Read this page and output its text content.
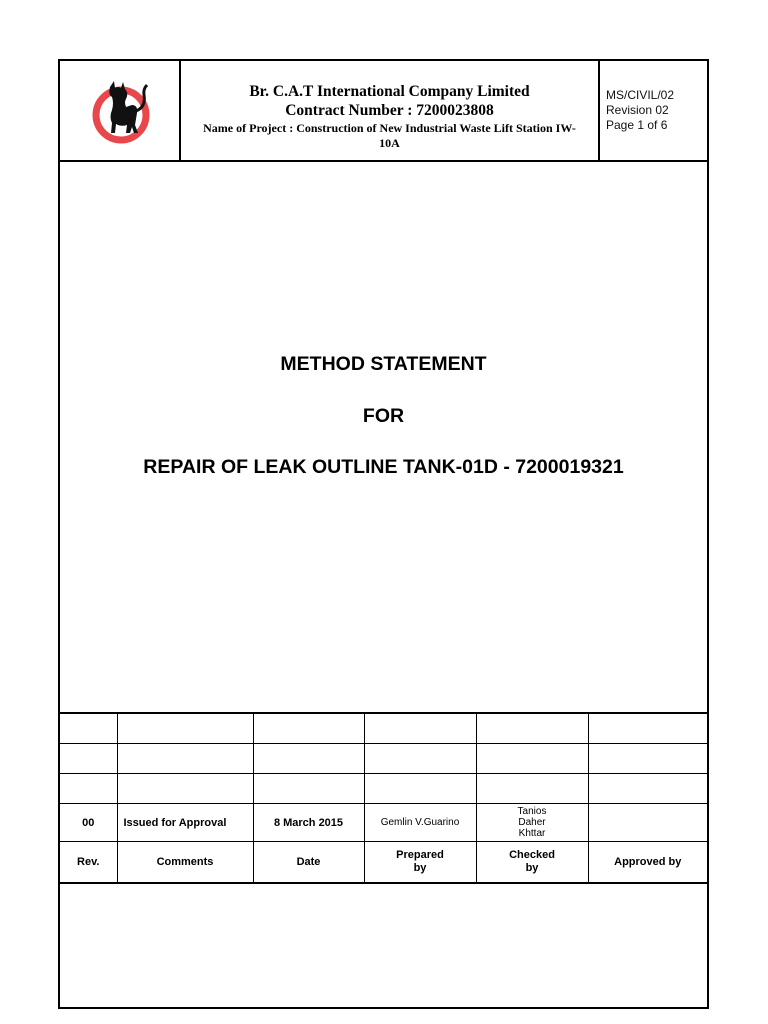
Br. C.A.T International Company Limited
Contract Number : 7200023808
Name of Project : Construction of New Industrial Waste Lift Station IW-10A
MS/CIVIL/02
Revision 02
Page 1 of 6
METHOD STATEMENT
FOR
REPAIR OF LEAK OUTLINE TANK-01D - 7200019321

00	Issued for Approval	8 March 2015	Gemlin V.Guarino	Tanios Daher Khttar	

Rev.	Comments	Date	Prepared by	Checked by	Approved by
